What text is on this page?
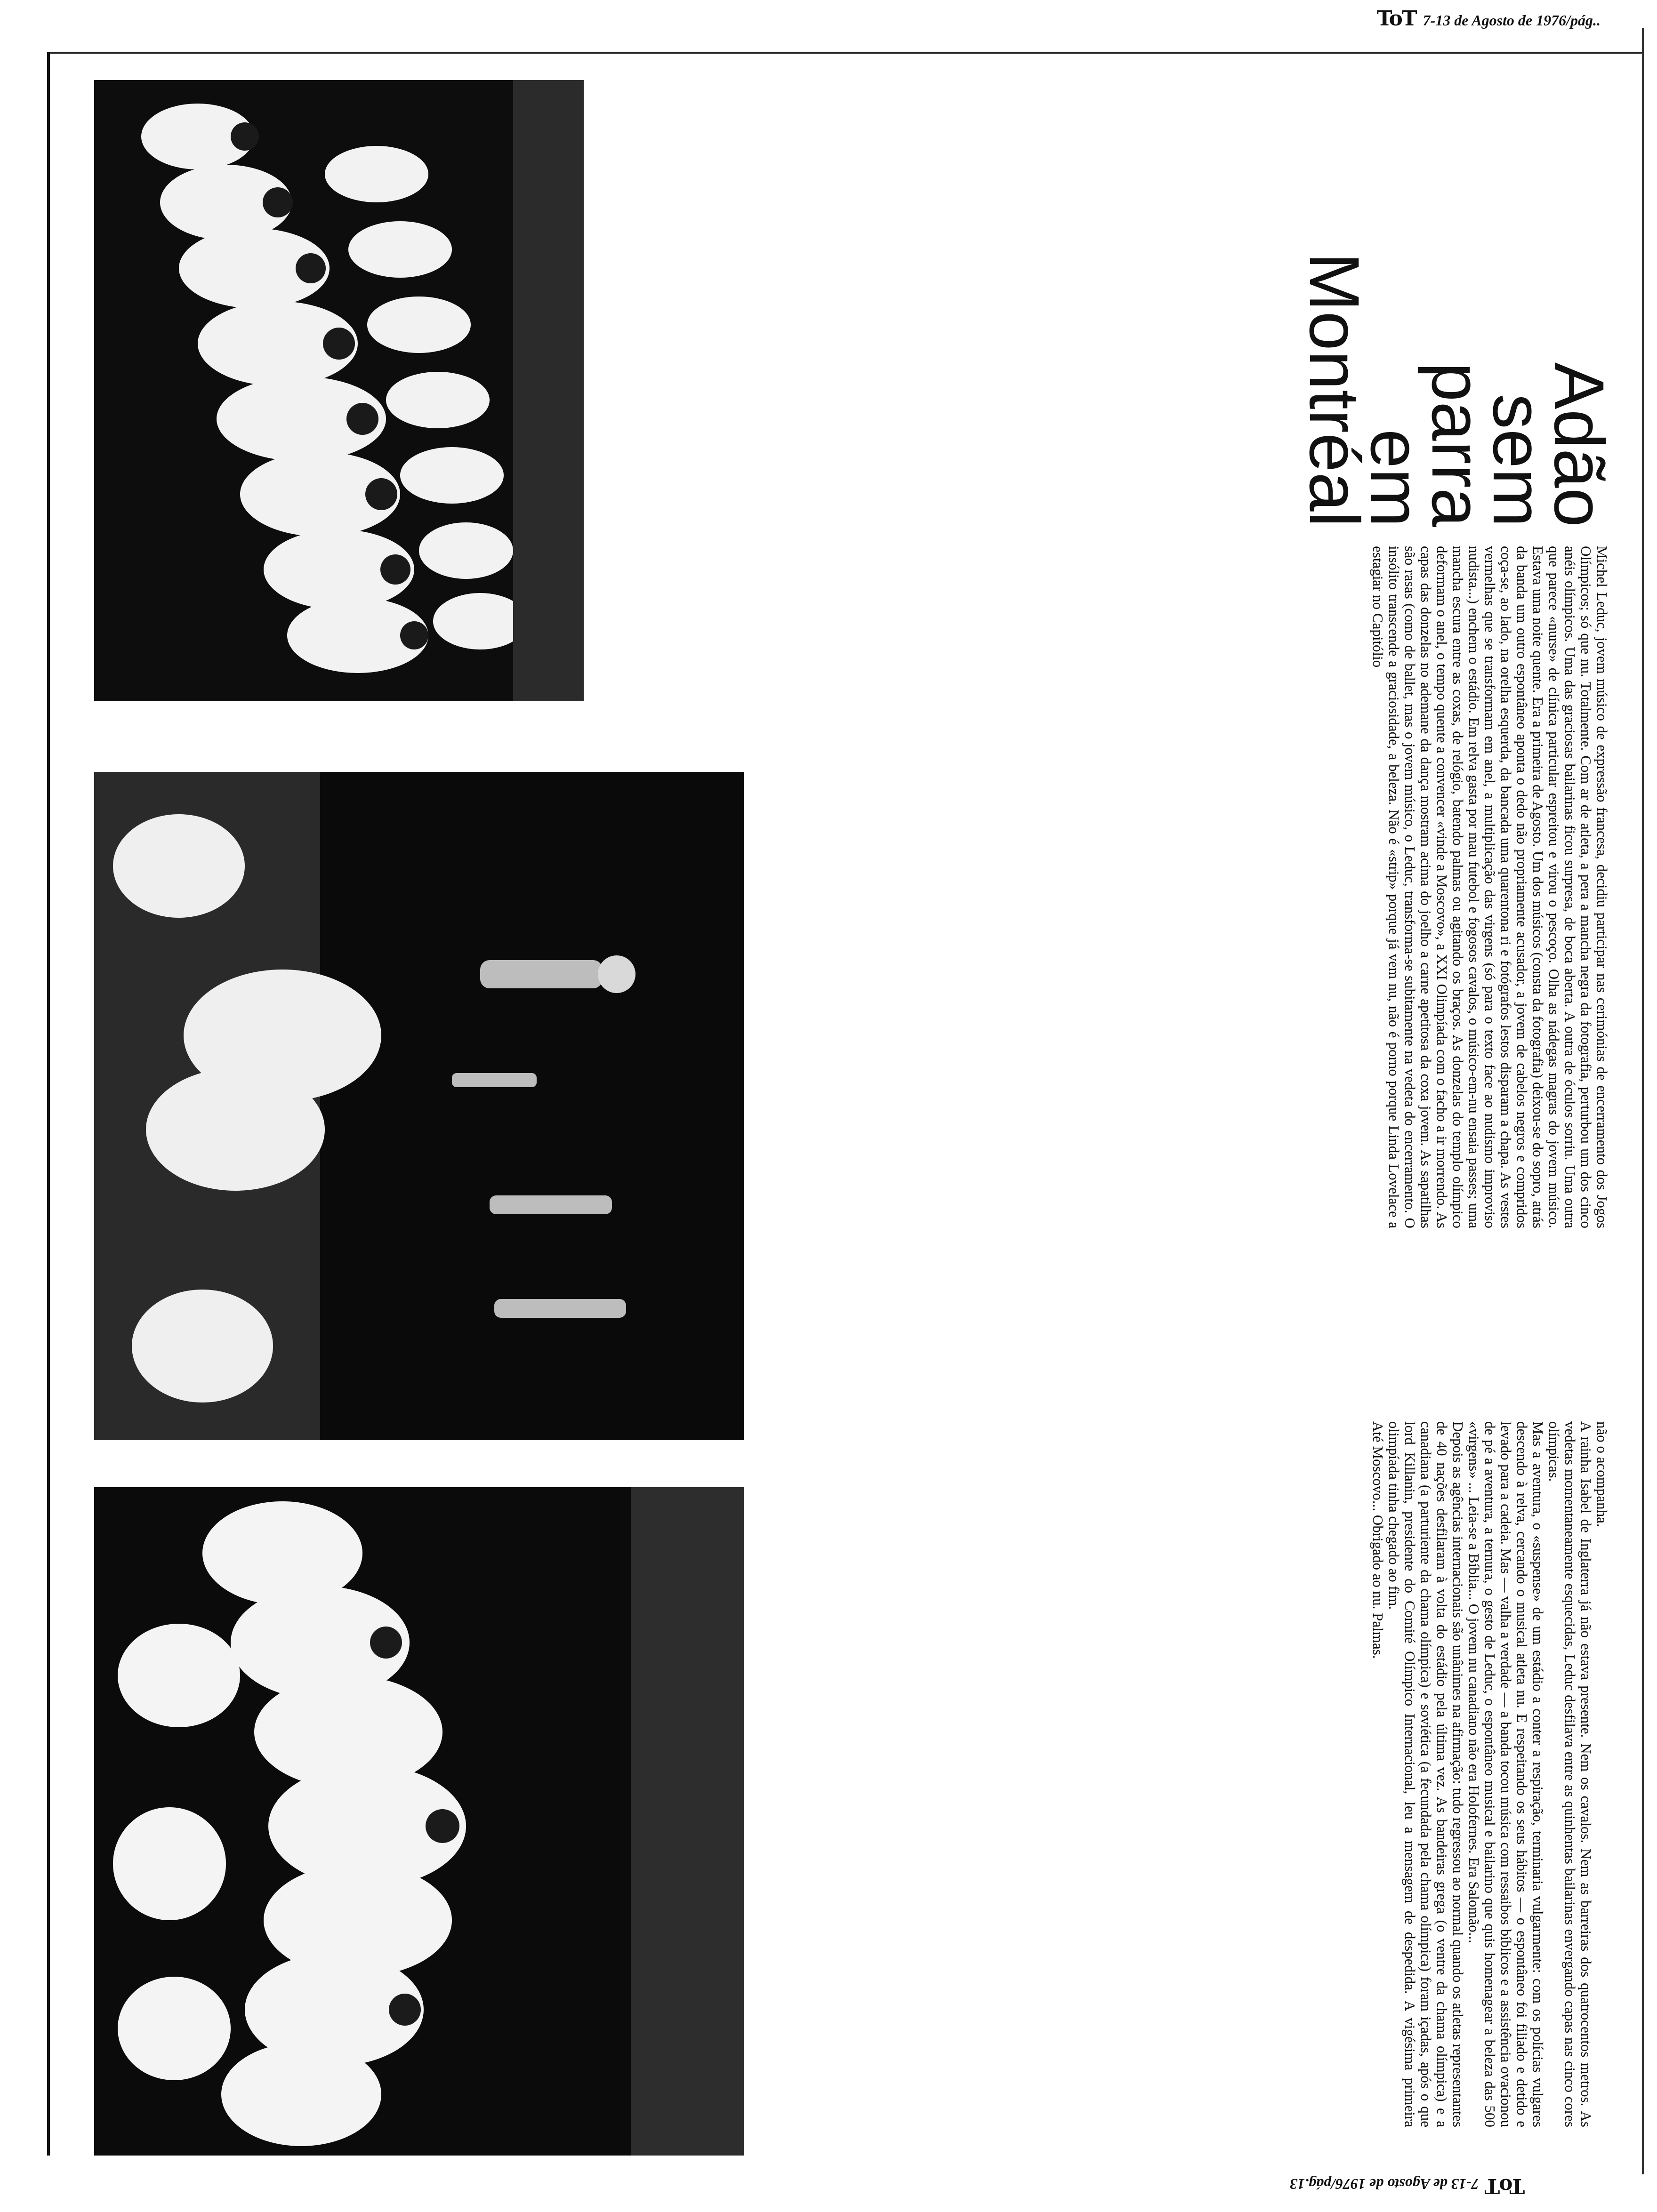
ToT 7-13 de Agosto de 1976/pág..
Adão
sem
parra
em
Montréal

Michel Leduc, jovem músico de expressão francesa, decidiu participar nas cerimónias de encerramento dos Jogos Olímpicos; só que nu. Totalmente. Com ar de atleta, a pera a mancha negra da fotografia, perturbou um dos cinco anéis olímpicos. Uma das graciosas bailarinas ficou surpresa, de boca aberta. A outra de óculos sorriu. Uma outra que parece «nurse» de clínica particular espreitou e virou o pescoço. Olha as nádegas magras do jovem músico. Estava uma noite quente. Era a primeira de Agosto. Um dos músicos (consta da fotografia) deixou-se do sopro, atrás da banda um outro espontâneo aponta o dedo não propriamente acusador, a jovem de cabelos negros e compridos coça-se, ao lado, na orelha esquerda, da bancada uma quarentona ri e fotógrafos lestos disparam a chapa. As vestes vermelhas que se transformam em anel, a multiplicação das virgens (só para o texto face ao nudismo improviso nudista...) enchem o estádio. Em relva gasta por mau futebol e fogosos cavalos, o músico-em-nu ensaia passes; uma mancha escura entre as coxas, de relógio, batendo palmas ou agitando os braços. As donzelas do templo olímpico deformam o anel, o tempo quente a convencer «vinde a Moscovo», a XXI Olimpíada com o facho a ir morrendo. As capas das donzelas no ademane da dança mostram acima do joelho a carne apetitosa da coxa jovem. As sapatilhas são rasas (como de ballet, mas o jovem músico, o Leduc, transforma-se subitamente na vedeta do encerramento. O insólito transcende a graciosidade, a beleza. Não é «strip» porque já vem nu, não é porno porque Linda Lovelace a estagiar no Capitólio

não o acompanha.

A rainha Isabel de Inglaterra já não estava presente. Nem os cavalos. Nem as barreiras dos quatrocentos metros. As vedetas momentaneamente esquecidas, Leduc desfilava entre as quinhentas bailarinas envergando capas nas cinco cores olímpicas.

Mas a aventura, o «suspense» de um estádio a conter a respiração, terminaria vulgarmente: com os polícias vulgares descendo à relva, cercando o musical atleta nu. E respeitando os seus hábitos — o espontâneo foi filiado e detido e levado para a cadeia. Mas — valha a verdade — a banda tocou música com ressaibos bíblicos e a assistência ovacionou de pé a aventura, a ternura, o gesto de Leduc, o espontâneo musical e bailarino que quis homenagear a beleza das 500 «virgens» ... Leia-se a Bíblia... O jovem nu canadiano não era Holofernes. Era Salomão...

Depois as agências internacionais são unânimes na afirmação: tudo regressou ao normal quando os atletas representantes de 40 nações desfilaram à volta do estádio pela última vez. As bandeiras grega (o ventre da chama olímpica) e a canadiana (a parturiente da chama olímpica) e soviética (a fecundada pela chama olímpica) foram içadas, após o que lord Killanin, presidente do Comité Olímpico Internacional, leu a mensagem de despedida. A vigésima primeira olimpíada tinha chegado ao fim.

Até Moscovo... Obrigado ao nu. Palmas.

ToT
7-13 de Agosto de 1976/pág.13
